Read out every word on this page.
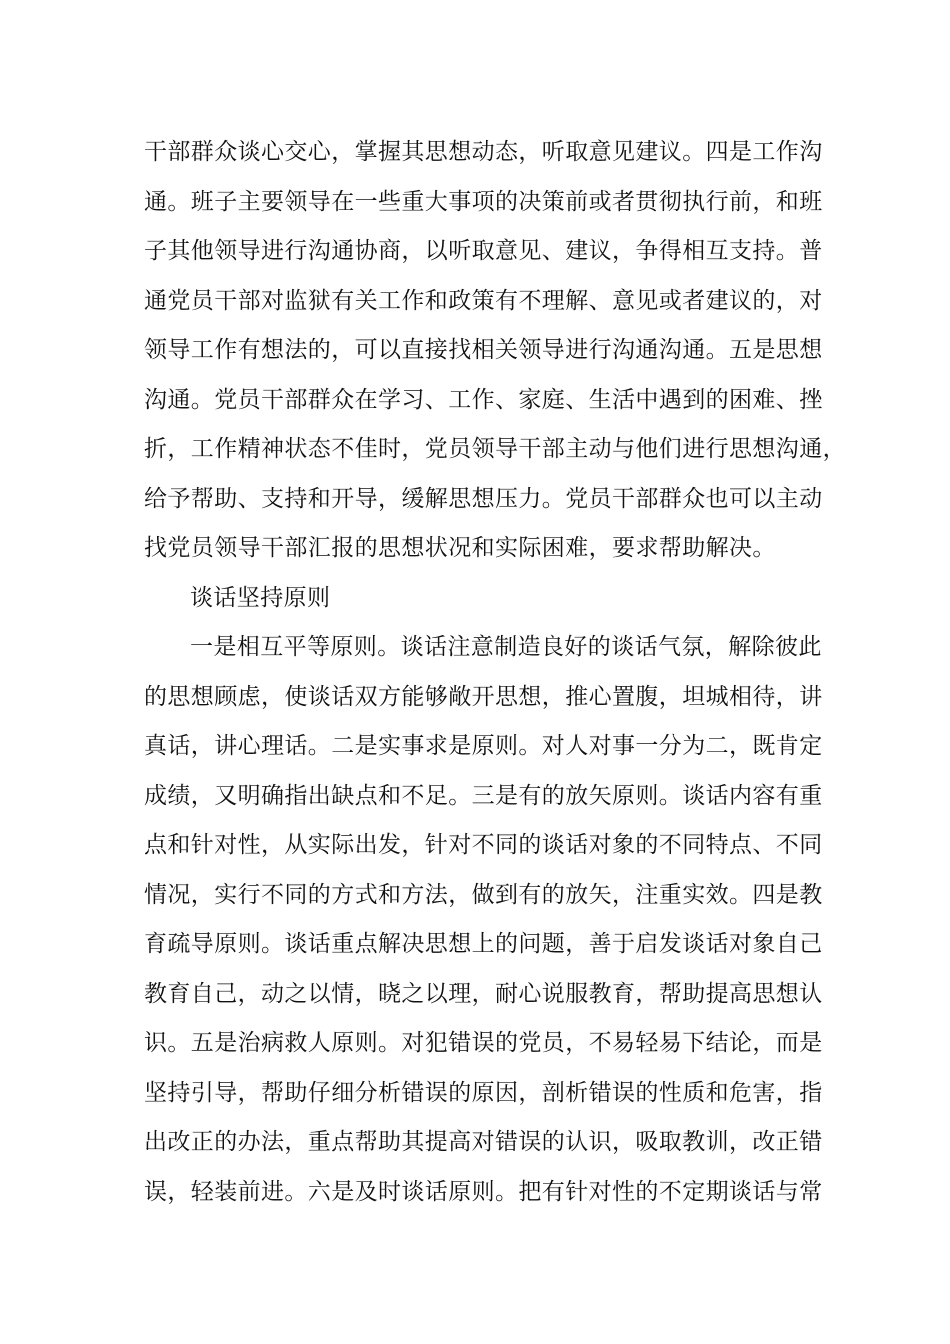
干部群众谈心交心，掌握其思想动态，听取意见建议。四是工作沟
通。班子主要领导在一些重大事项的决策前或者贯彻执行前，和班
子其他领导进行沟通协商，以听取意见、建议，争得相互支持。普
通党员干部对监狱有关工作和政策有不理解、意见或者建议的，对
领导工作有想法的，可以直接找相关领导进行沟通沟通。五是思想
沟通。党员干部群众在学习、工作、家庭、生活中遇到的困难、挫
折，工作精神状态不佳时，党员领导干部主动与他们进行思想沟通，
给予帮助、支持和开导，缓解思想压力。党员干部群众也可以主动
找党员领导干部汇报的思想状况和实际困难，要求帮助解决。
谈话坚持原则
一是相互平等原则。谈话注意制造良好的谈话气氛，解除彼此
的思想顾虑，使谈话双方能够敞开思想，推心置腹，坦城相待，讲
真话，讲心理话。二是实事求是原则。对人对事一分为二，既肯定
成绩，又明确指出缺点和不足。三是有的放矢原则。谈话内容有重
点和针对性，从实际出发，针对不同的谈话对象的不同特点、不同
情况，实行不同的方式和方法，做到有的放矢，注重实效。四是教
育疏导原则。谈话重点解决思想上的问题，善于启发谈话对象自己
教育自己，动之以情，晓之以理，耐心说服教育，帮助提高思想认
识。五是治病救人原则。对犯错误的党员，不易轻易下结论，而是
坚持引导，帮助仔细分析错误的原因，剖析错误的性质和危害，指
出改正的办法，重点帮助其提高对错误的认识，吸取教训，改正错
误，轻装前进。六是及时谈话原则。把有针对性的不定期谈话与常
